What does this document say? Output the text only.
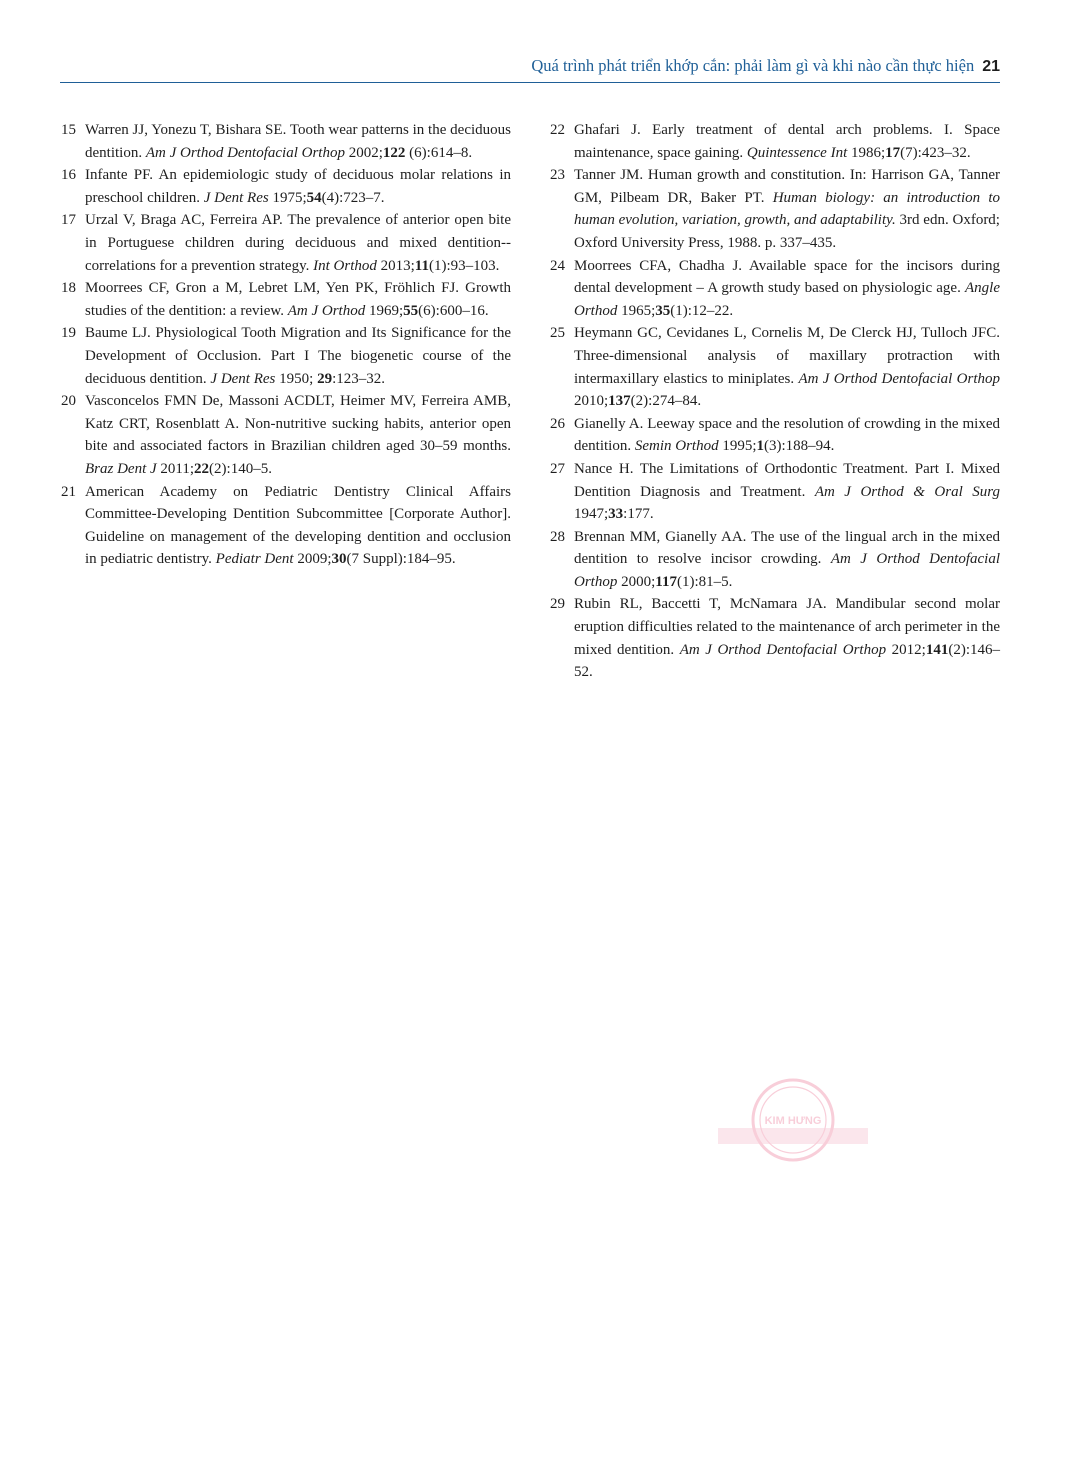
Quá trình phát triển khớp cắn: phải làm gì và khi nào cần thực hiện 21

15 Warren JJ, Yonezu T, Bishara SE. Tooth wear patterns in the deciduous dentition. Am J Orthod Dentofacial Orthop 2002;122 (6):614–8.

16 Infante PF. An epidemiologic study of deciduous molar relations in preschool children. J Dent Res 1975;54(4):723–7.

17 Urzal V, Braga AC, Ferreira AP. The prevalence of anterior open bite in Portuguese children during deciduous and mixed dentition--correlations for a prevention strategy. Int Orthod 2013;11(1):93–103.

18 Moorrees CF, Gron a M, Lebret LM, Yen PK, Fröhlich FJ. Growth studies of the dentition: a review. Am J Orthod 1969;55(6):600–16.

19 Baume LJ. Physiological Tooth Migration and Its Significance for the Development of Occlusion. Part I The biogenetic course of the deciduous dentition. J Dent Res 1950; 29:123–32.

20 Vasconcelos FMN De, Massoni ACDLT, Heimer MV, Ferreira AMB, Katz CRT, Rosenblatt A. Non-nutritive sucking habits, anterior open bite and associated factors in Brazilian children aged 30–59 months. Braz Dent J 2011;22(2):140–5.

21 American Academy on Pediatric Dentistry Clinical Affairs Committee-Developing Dentition Subcommittee [Corporate Author]. Guideline on management of the developing dentition and occlusion in pediatric dentistry. Pediatr Dent 2009;30(7 Suppl):184–95.

22 Ghafari J. Early treatment of dental arch problems. I. Space maintenance, space gaining. Quintessence Int 1986;17(7):423–32.

23 Tanner JM. Human growth and constitution. In: Harrison GA, Tanner GM, Pilbeam DR, Baker PT. Human biology: an introduction to human evolution, variation, growth, and adaptability. 3rd edn. Oxford; Oxford University Press, 1988. p. 337–435.

24 Moorrees CFA, Chadha J. Available space for the incisors during dental development – A growth study based on physiologic age. Angle Orthod 1965;35(1):12–22.

25 Heymann GC, Cevidanes L, Cornelis M, De Clerck HJ, Tulloch JFC. Three-dimensional analysis of maxillary protraction with intermaxillary elastics to miniplates. Am J Orthod Dentofacial Orthop 2010;137(2):274–84.

26 Gianelly A. Leeway space and the resolution of crowding in the mixed dentition. Semin Orthod 1995;1(3):188–94.

27 Nance H. The Limitations of Orthodontic Treatment. Part I. Mixed Dentition Diagnosis and Treatment. Am J Orthod & Oral Surg 1947;33:177.

28 Brennan MM, Gianelly AA. The use of the lingual arch in the mixed dentition to resolve incisor crowding. Am J Orthod Dentofacial Orthop 2000;117(1):81–5.

29 Rubin RL, Baccetti T, McNamara JA. Mandibular second molar eruption difficulties related to the maintenance of arch perimeter in the mixed dentition. Am J Orthod Dentofacial Orthop 2012;141(2):146–52.

KIM HƯNG
